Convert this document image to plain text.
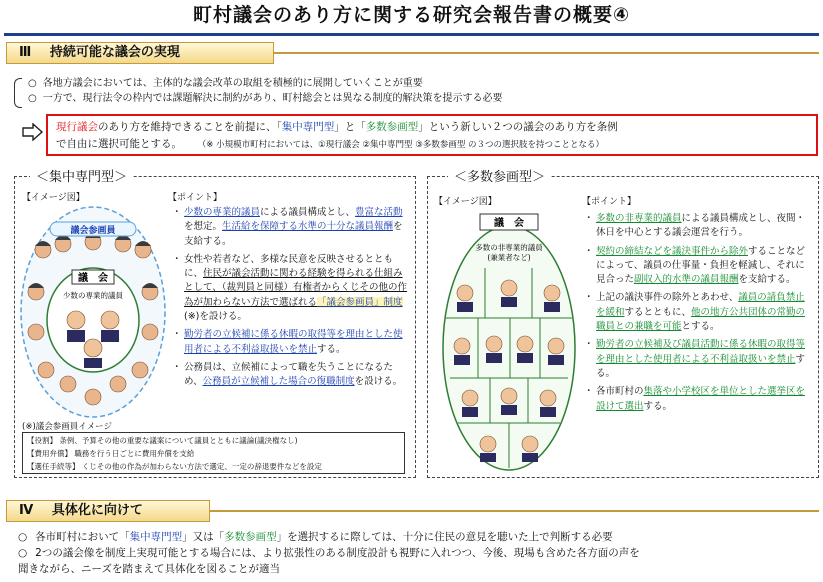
町村議会のあり方に関する研究会報告書の概要④
Ⅲ 持続可能な議会の実現
○ 各地方議会においては、主体的な議会改革の取組を積極的に展開していくことが重要
○ 一方で、現行法令の枠内では課題解決に制約があり、町村総会とは異なる制度的解決策を提示する必要
現行議会のあり方を維持できることを前提に、「集中専門型」と「多数参画型」という新しい２つの議会のあり方を条例
で自由に選択可能とする。 （※ 小規模市町村においては、①現行議会 ②集中専門型 ③多数参画型 の３つの選択肢を持つこととなる）
＜集中専門型＞
【イメージ図】	【ポイント】
議会参画員
議　会
少数の専業的議員
・ 少数の専業的議員による議員構成とし、豊富な活動を想定。生活給を保障する水準の十分な議員報酬を支給する。
・ 女性や若者など、多様な民意を反映させるとともに、住民が議会活動に関わる経験を得られる仕組みとして、（裁判員と同様）有権者からくじその他の作為が加わらない方法で選ばれる「議会参画員」制度(※)を設ける。
・ 勤労者の立候補に係る休暇の取得等を理由とした使用者による不利益取扱いを禁止する。
・ 公務員は、立候補によって職を失うことになるため、公務員が立候補した場合の復職制度を設ける。
(※)議会参画員イメージ
【役割】 条例、予算その他の重要な議案について議員とともに議論(議決権なし)
【費用弁償】 職務を行う日ごとに費用弁償を支給
【選任手続等】 くじその他の作為が加わらない方法で選定、一定の辞退要件などを設定
＜多数参画型＞
【イメージ図】	【ポイント】
議　会
多数の非専業的議員
(兼業者など)
・ 多数の非専業的議員による議員構成とし、夜間・休日を中心とする議会運営を行う。
・ 契約の締結などを議決事件から除外することなどによって、議員の仕事量・負担を軽減し、それに見合った副収入的水準の議員報酬を支給する。
・ 上記の議決事件の除外とあわせ、議員の請負禁止を緩和するとともに、他の地方公共団体の常勤の職員との兼職を可能とする。
・ 勤労者の立候補及び議員活動に係る休暇の取得等を理由とした使用者による不利益取扱いを禁止する。
・ 各市町村の集落や小学校区を単位とした選挙区を設けて選出する。
Ⅳ 具体化に向けて
○ 各市町村において「集中専門型」又は「多数参画型」を選択するに際しては、十分に住民の意見を聴いた上で判断する必要
○ 2つの議会像を制度上実現可能とする場合には、より拡張性のある制度設計も視野に入れつつ、今後、現場も含めた各方面の声を
聞きながら、ニーズを踏まえて具体化を図ることが適当
